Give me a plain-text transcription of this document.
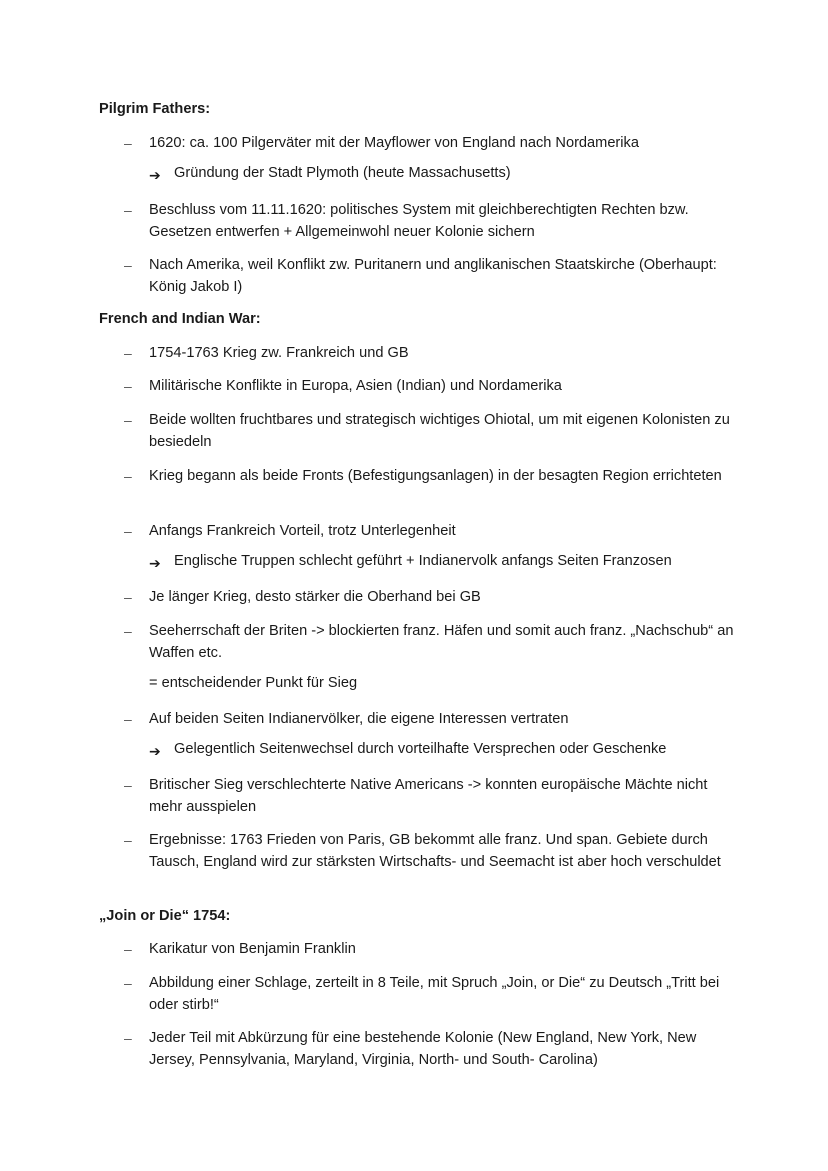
Pilgrim Fathers:
– 1620: ca. 100 Pilgerväter mit der Mayflower von England nach Nordamerika
➔ Gründung der Stadt Plymoth (heute Massachusetts)
– Beschluss vom 11.11.1620: politisches System mit gleichberechtigten Rechten bzw. Gesetzen entwerfen + Allgemeinwohl neuer Kolonie sichern
– Nach Amerika, weil Konflikt zw. Puritanern und anglikanischen Staatskirche (Oberhaupt: König Jakob I)
French and Indian War:
– 1754-1763 Krieg zw. Frankreich und GB
– Militärische Konflikte in Europa, Asien (Indian) und Nordamerika
– Beide wollten fruchtbares und strategisch wichtiges Ohiotal, um mit eigenen Kolonisten zu besiedeln
– Krieg begann als beide Fronts (Befestigungsanlagen) in der besagten Region errichteten
– Anfangs Frankreich Vorteil, trotz Unterlegenheit
➔ Englische Truppen schlecht geführt + Indianervolk anfangs Seiten Franzosen
– Je länger Krieg, desto stärker die Oberhand bei GB
– Seeherrschaft der Briten -> blockierten franz. Häfen und somit auch franz. „Nachschub“ an Waffen etc.
= entscheidender Punkt für Sieg
– Auf beiden Seiten Indianervölker, die eigene Interessen vertraten
➔ Gelegentlich Seitenwechsel durch vorteilhafte Versprechen oder Geschenke
– Britischer Sieg verschlechterte Native Americans -> konnten europäische Mächte nicht mehr ausspielen
– Ergebnisse: 1763 Frieden von Paris, GB bekommt alle franz. Und span. Gebiete durch Tausch, England wird zur stärksten Wirtschafts- und Seemacht ist aber hoch verschuldet
„Join or Die“ 1754:
– Karikatur von Benjamin Franklin
– Abbildung einer Schlage, zerteilt in 8 Teile, mit Spruch „Join, or Die“ zu Deutsch „Tritt bei oder stirb!“
– Jeder Teil mit Abkürzung für eine bestehende Kolonie (New England, New York, New Jersey, Pennsylvania, Maryland, Virginia, North- und South- Carolina)
